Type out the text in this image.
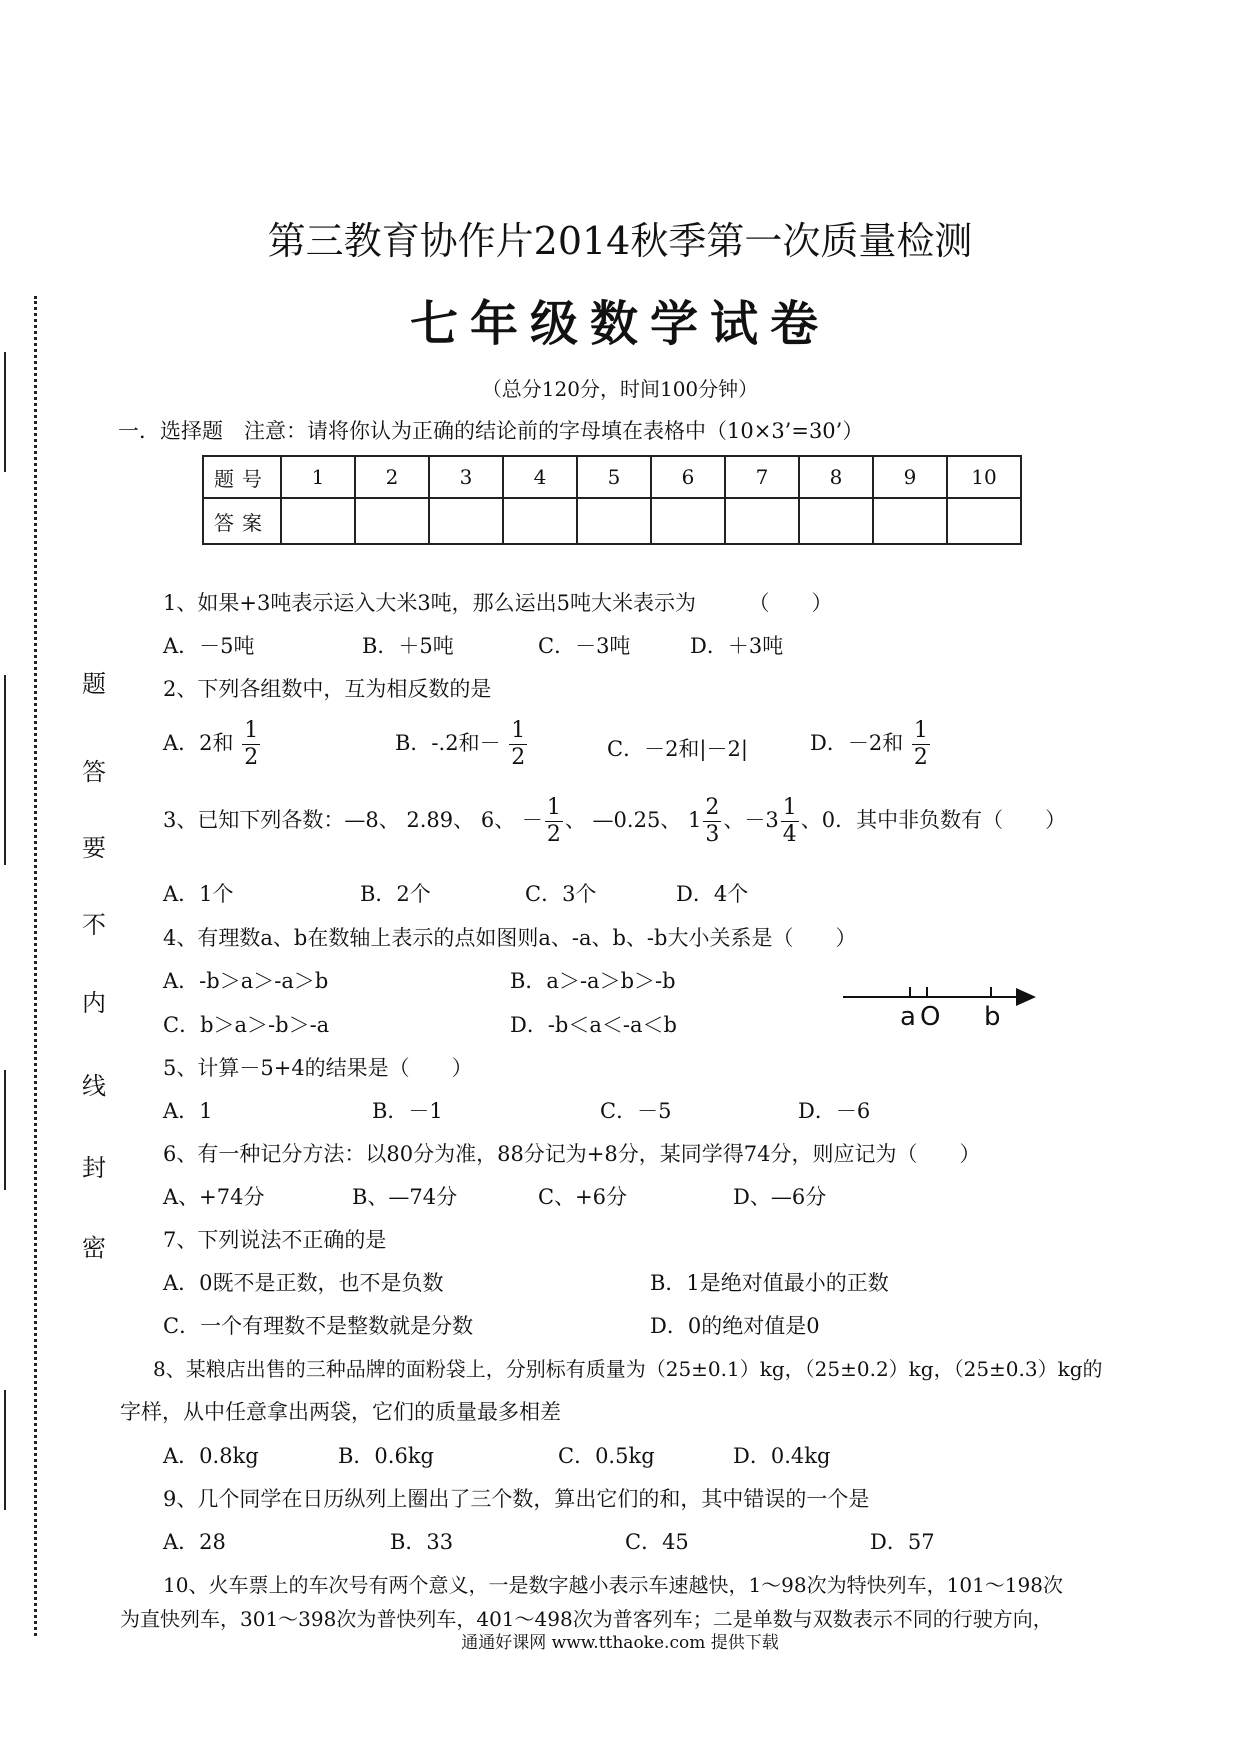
题
答
要
不
内
线
封
密
第三教育协作片2014秋季第一次质量检测
七年级数学试卷
（总分120分，时间100分钟）
一．选择题　注意：请将你认为正确的结论前的字母填在表格中（10×3’=30’）
题号	1	2	3	4	5	6	7	8	9	10
答案										
1、如果+3吨表示运入大米3吨，那么运出5吨大米表示为　　　（　　）
A．－5吨	B．＋5吨	C．－3吨	D．＋3吨
2、下列各组数中，互为相反数的是
A．2和 $\frac{1}{2}$	B．-.2和－ $\frac{1}{2}$	C．－2和|－2|	D．－2和 $\frac{1}{2}$
3、已知下列各数：—8、 2.89、 6、 － $\frac{1}{2}$ 、 —0.25、 $1 \frac{2}{3}$ 、$-3 \frac{1}{4}$ 、0．其中非负数有（　　）
A．1个	B．2个	C．3个	D．4个
4、有理数a、b在数轴上表示的点如图则a、-a、b、-b大小关系是（　　）
A．-b＞a＞-a＞b	B．a＞-a＞b＞-b
C．b＞a＞-b＞-a	D．-b＜a＜-a＜b	a O b
5、计算－5+4的结果是（　　）
A．1	B．－1	C．－5	D．－6
6、有一种记分方法：以80分为准，88分记为+8分，某同学得74分，则应记为（　　）
A、+74分	B、—74分	C、+6分	D、—6分
7、下列说法不正确的是
A．0既不是正数，也不是负数	B．1是绝对值最小的正数
C．一个有理数不是整数就是分数	D．0的绝对值是0
8、某粮店出售的三种品牌的面粉袋上，分别标有质量为（25±0.1）kg，（25±0.2）kg，（25±0.3）kg的
字样，从中任意拿出两袋，它们的质量最多相差
A．0.8kg	B．0.6kg	C．0.5kg	D．0.4kg
9、几个同学在日历纵列上圈出了三个数，算出它们的和，其中错误的一个是
A．28	B．33	C．45	D．57
10、火车票上的车次号有两个意义，一是数字越小表示车速越快，1～98次为特快列车，101～198次
为直快列车，301～398次为普快列车，401～498次为普客列车；二是单数与双数表示不同的行驶方向，
通通好课网 www.tthaoke.com 提供下载
